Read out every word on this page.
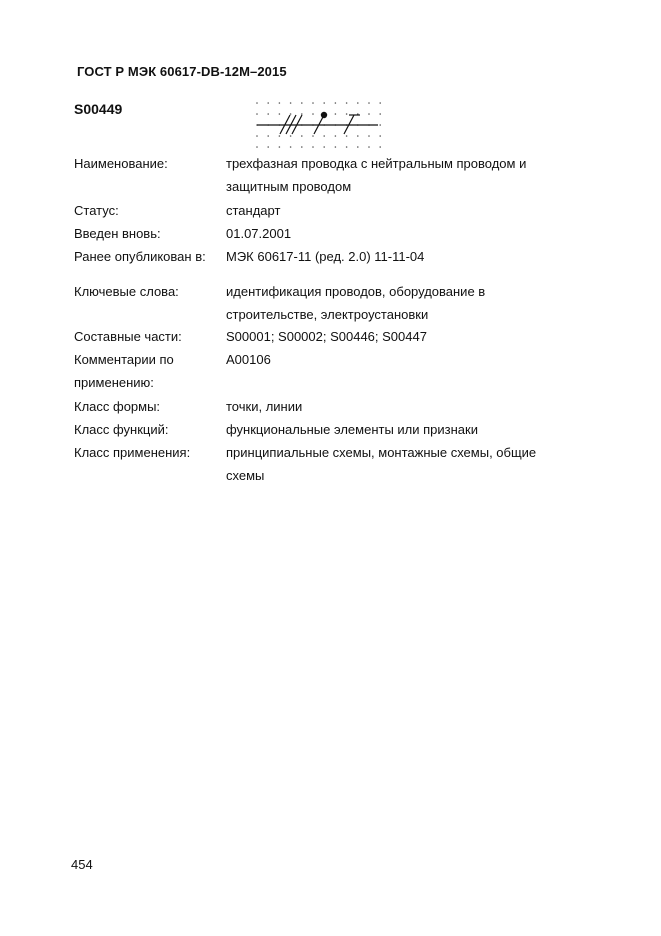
ГОСТ Р МЭК 60617-DB-12M–2015
S00449
Наименование:	трехфазная проводка с нейтральным проводом и
защитным проводом
Статус:	стандарт
Введен вновь:	01.07.2001
Ранее опубликован в:	МЭК 60617-11 (ред. 2.0) 11-11-04
Ключевые слова:	идентификация проводов, оборудование в
строительстве, электроустановки
Составные части:	S00001; S00002; S00446; S00447
Комментарии по
применению:
A00106
Класс формы:	точки, линии
Класс функций:	функциональные элементы или признаки
Класс применения:	принципиальные схемы, монтажные схемы, общие
схемы
454
